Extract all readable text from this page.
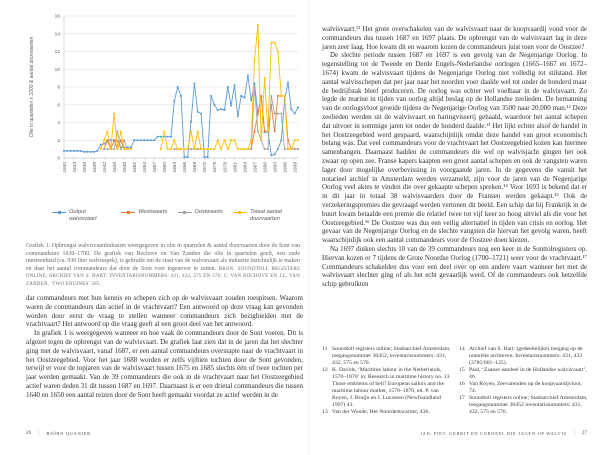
Olie in quartelen x 1000 & aantal doorvaarten
0
2
4
6
8
10
12
14
16
1630 1633 1636 1639 1642 1645 1648 1651 1654 1657 1660 1663 1666 1669 1672 1675 1678 1681 1684 1687 1690 1693 1696 1699
Output walvisvaart
Westwaarts	Oostwaarts	Totaal aantal doorvaarten
Grafiek 1. Opbrengst walvisvaartindustrie weergegeven in olie in quartelen & aantal doorvaarten door de Sont van commandeurs 1630–1700. De grafiek van Bochove en Van Zanden die olie in quartelen geeft, een oude meeteenheid (ca. 930 liter walvisspek), is gebruikt om de staat van de walvisvaart als industrie inzichtelijk te maken en daar het aantal commandeurs dat door de Sont voer tegenover te zetten. BRON: SOUNDTOLL REGISTERS ONLINE; ARCHIEF VAN S. HART: INVENTARISNUMMERS: 431, 432, 575 EN 576; C. VAN BOCHOVE EN J.L. VAN ZANDEN, ‘TWO ENGINES’ 585.

dat commandeurs met hun kennis en schepen zich op de walvisvaart zouden toespitsen. Waarom waren de commandeurs dan actief in de vrachtvaart? Een antwoord op deze vraag kan gevonden worden door eerst de vraag te stellen wanneer commandeurs zich bezighielden met de vrachtvaart? Het antwoord op die vraag geeft al een groot deel van het antwoord.

In grafiek 1 is weergegeven wanneer en hoe vaak de commandeurs door de Sont voeren. Dit is afgezet tegen de opbrengst van de walvisvaart. De grafiek laat zien dat in de jaren dat het slechter ging met de walvisvaart, vanaf 1687, er een aantal commandeurs overstapte naar de vrachtvaart in het Oostzeegebied. Voor het jaar 1688 worden er zelfs vijftien tochten door de Sont gevonden, terwijl er voor de topjaren van de walvisvaart tussen 1675 en 1685 slechts één of twee tochten per jaar werden gemaakt. Van de 39 commandeurs die ook in de vrachtvaart naar het Oostzeegebied actief waren deden 31 dit tussen 1687 en 1697. Daarnaast is er een drietal commandeurs die tussen 1640 en 1650 een aantal reizen door de Sont heeft gemaakt voordat ze actief werden in de

26 | BJÖRN QUANJER

walvisvaart.¹¹ Het grote overschakelen van de walvisvaart naar de koopvaardij vond voor de commandeurs dus tussen 1687 en 1697 plaats. De opbrengst van de walvisvaart lag in deze jaren zeer laag. Hoe kwam dit en waarom kozen de commandeurs juist toen voor de Oostzee?

De slechte periode tussen 1687 en 1697 is een gevolg van de Negenjarige Oorlog. In tegenstelling tot de Tweede en Derde Engels-Nederlandse oorlogen (1665–1667 en 1672–1674) kwam de walvisvaart tijdens de Negenjarige Oorlog niet volledig tot stilstand. Het aantal walvisschepen dat per jaar naar het noorden voer daalde wel tot onder de honderd maar de bedrijfstak bleef produceren. De oorlog was echter wel voelbaar in de walvisvaart. Zo legde de marine in tijden van oorlog altijd beslag op de Hollandse zeelieden. De bemanning van de oorlogsvloot groeide tijdens de Negenjarige Oorlog van 3500 naar 20.000 man.¹² Deze zeelieden werden uit de walvisvaart en haringvisserij gehaald, waardoor het aantal schepen dat uitvoer in sommige jaren tot onder de honderd daalde.¹³ Het lijkt echter alsof de handel in het Oostzeegebied werd gespaard, waarschijnlijk omdat deze handel van groot economisch belang was. Dat veel commandeurs voor de vrachtvaart het Oostzeegebied kozen kan hiermee samenhangen. Daarnaast hadden de commandeurs die wel op walvisjacht gingen het ook zwaar op open zee. Franse kapers kaapten een groot aantal schepen en ook de vangsten waren lager door mogelijke overbevissing in voorgaande jaren. In de gegevens die vanuit het notarieel archief in Amsterdam werden verzameld, zijn voor de jaren van de Negenjarige Oorlog veel aktes te vinden die over gekaapte schepen spreken.¹⁴ Voor 1693 is bekend dat er in dit jaar in totaal 38 walvisvaarders door de Fransen werden gekaapt.¹⁵ Ook de verzekeringspremies die gevraagd werden vertonen dit beeld. Een schip dat bij Frankrijk in de buurt kwam betaalde een premie die relatief twee tot vijf keer zo hoog uitviel als die voor het Oostzeegebied.¹⁶ De Oostzee was dus een veilig alternatief in tijden van crisis en oorlog. Het gevaar van de Negenjarige Oorlog en de slechte vangsten die hiervan het gevolg waren, heeft waarschijnlijk ook een aantal commandeurs voor de Oostzee doen kiezen.

Na 1697 duiken slechts 10 van de 39 commandeurs nog een keer in de Sonttolregisters op. Hiervan kozen er 7 tijdens de Grote Noordse Oorlog (1700–1721) weer voor de vrachtvaart.¹⁷ Commandeurs schakelden dus voor een deel over op een andere vaart wanneer het met de walvisvaart slechter ging of als het echt gevaarlijk werd. Of de commandeurs ook hetzelfde schip gebruikten

11 Soundtoll registers online; Stadsarchief Amsterdam, toegangsnummer 30452, inventarisnummers: 431, 432, 575 en 576.
12 K. Davids, ‘Maritime labour in the Netherlands, 1570–1870’ in: Research in maritime history no. 13 Those emblems of hell? European sailors and the maritime labour market, 1570–1870, ed. P. van Royen, J. Bruijn en J. Lucassen (Newfoundland 1997) 43.
13 Van der Woude, Het Noorderkwartier, 436.
14 Archief van S. Hart: (gedeeltelijke) toegang op de notariële archieven. Inventarisnummers: 431, 432 (3785/001–125).
15 Paul, ‘Zaanse aandeel in de Hollandse walvisvaart’, 46.
16 Van Royen, Zeevarenden op de koopvaardijvloot, 74.
17 Soundtoll registers online; Stadsarchief Amsterdam, toegangsnummer 30452 inventarisnummers: 431, 432, 575 en 576.
JAN, PIET, GERRIT EN CORNEEL DIE JAGEN OP WALVIS | 27
